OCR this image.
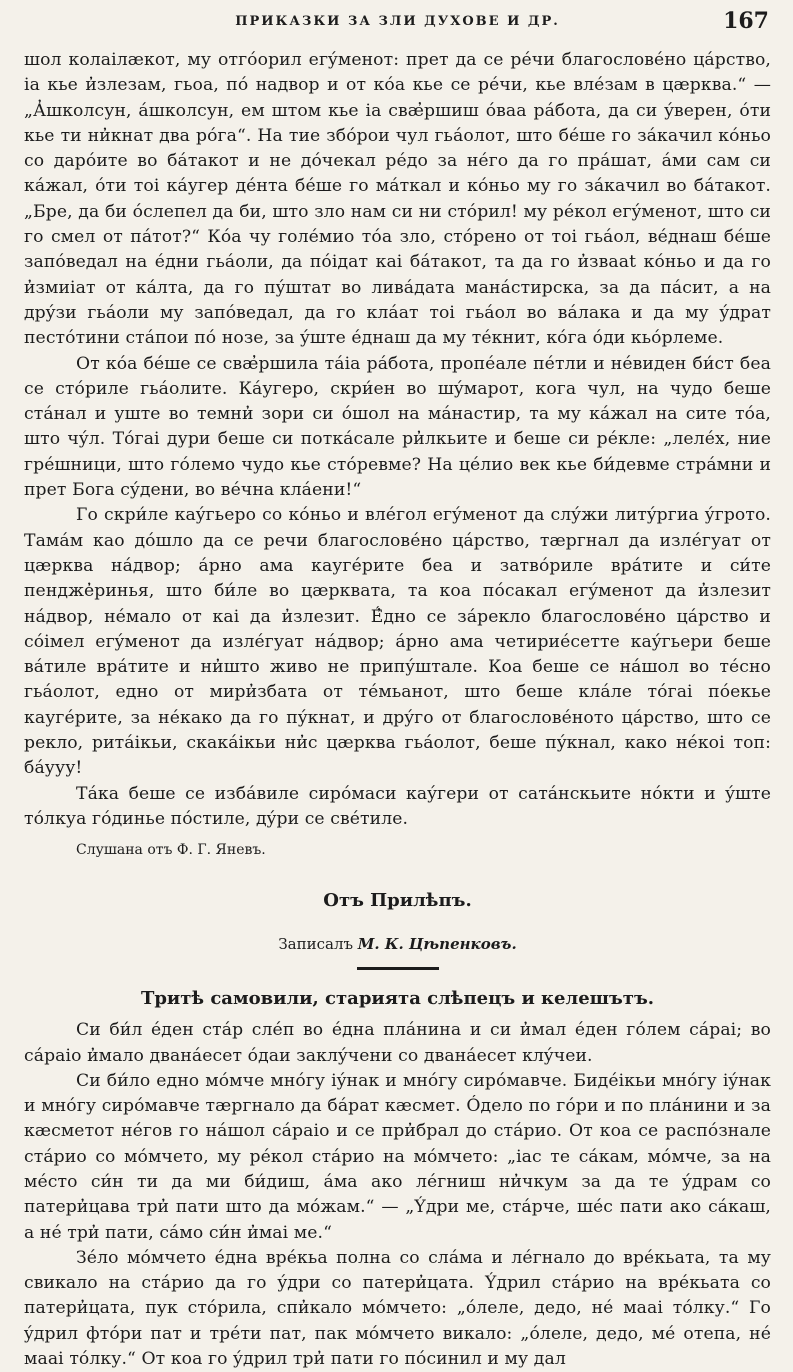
ПРИКАЗКИ ЗА ЗЛИ ДУХОВЕ И ДР.	167

шол колаiлӕкот, му отгóорил егýменот: прет да се рéчи благословéно цáрство, iа кье и̓злезам, гьоа, пó надвор и от кóа кье се рéчи, кье влéзам в цӕрква.“ — „А̓школсун, áшколсун, ем штом кье iа свӕ̓ршиш óваа рáбота, да си ýверен, óти кье ти ни̓кнат два рóга“. На тие збóрои чул гьáолот, што бéше го зáкачил кóньо со дарóите во бáтакот и не дóчекал рéдо за нéго да го прáшат, áми сам си кáжал, óти тоi кáугер дéнта бéше го мáткал и кóньо му го зáкачил во бáтакот. „Бре, да би óслепел да би, што зло нам си ни стóрил! му рéкол егýменот, што си го смел от пáтот?“ Кóа чу голéмио тóа зло, стóрено от тоi гьáол, вéднаш бéше запóведал на éдни гьáоли, да пóiдат каi бáтакот, та да го и̓звааt кóньо и да го и̓змиiат от кáлта, да го пýштат во ливáдата манáстирска, за да пáсит, а на дрýзи гьáоли му запóведал, да го клáат тоi гьáол во вáлака и да му ýдрат пестóтини стáпои пó нозе, за ýште éднаш да му тéкнит, кóга óди кьóрлеме.

От кóа бéше се свӕ̓ршила тáiа рáбота, пропéале пéтли и нéвиден би́ст беа се стóриле гьáолите. Кáугеро, скри́ен во шýмарот, кога чул, на чудо беше стáнал и уште во темни̓ зори си óшол на мáнастир, та му кáжал на сите тóа, што чýл. Тóгаi дури беше си поткáсале ри̓лкьите и беше си рéкле: „лелéх, ние грéшници, што гóлемо чудо кье стóревме? На цéлио век кье би́девме стрáмни и прет Бога сýдени, во вéчна клáени!“

Го скри́ле каýгьеро со кóньо и влéгол егýменот да слýжи литýргиа ýгрото. Тамáм као дóшло да се речи благословéно цáрство, тӕргнал да излéгуат от цӕрква нáдвор; áрно ама каугéрите беа и затвóриле врáтите и си́те пендже̓ринья, што би́ле во цӕрквата, та коа пóсакал егýменот да и̓злезит нáдвор, нéмало от каi да и̓злезит. É̓дно се зáрекло благословéно цáрство и сóiмел егýменот да излéгуат нáдвор; áрно ама четириéсетте каýгьери беше вáтиле врáтите и ни̓што живо не припýштале. Коа беше се нáшол во тéсно гьáолот, едно от мири̓збата от тéмьанот, што беше клáле тóгаi пóекье каугéрите, за нéкако да го пýкнат, и дрýго от благословéното цáрство, што се рекло, ритáiкьи, скакáiкьи ни̓с цӕрква гьáолот, беше пýкнал, како нéкоi топ: бáууу!

Тáка беше се избáвиле сирóмаси каýгери от сатáнскьите нóкти и ýште тóлкуа гóдинье пóстиле, дýри се свéтиле.

Слушана отъ Ф. Г. Яневъ.
Отъ Прилѣпъ.
Записалъ М. К. Цѣпенковъ.
Тритѣ самовили, старията слѣпецъ и келешътъ.

Си би́л éден стáр слéп во éдна плáнина и си и̓мал éден гóлем сáраi; во сáраiо и̓мало дванáесет óдаи заклýчени со дванáесет клýчеи.

Си би́ло едно мóмче мнóгу iýнак и мнóгу сирóмавче. Бидéiкьи мнóгу iýнак и мнóгу сирóмавче тӕргнало да бáрат кӕсмет. Óдело по гóри и по плáнини и за кӕсметот нéгов го нáшол сáраiо и се при̓брал до стáрио. От коа се распóзнале стáрио со мóмчето, му рéкол стáрио на мóмчето: „iас те сáкам, мóмче, за на мéсто си́н ти да ми би́диш, áма ако лéгниш ни̓чкум за да те ýдрам со патери̓цава три̓ пати што да мóжам.“ — „Ýдри ме, стáрче, шéс пати ако сáкаш, а нé три̓ пати, сáмо си́н и̓маi ме.“

Зéло мóмчето éдна врéкьа полна со слáма и лéгнало до врéкьата, та му свикало на стáрио да го ýдри со патери̓цата. Ýдрил стáрио на врéкьата со патери̓цата, пук стóрила, спи̓кало мóмчето: „óлеле, дедо, нé маai тóлку.“ Го ýдрил фтóри пат и трéти пат, пак мóмчето викало: „óлеле, дедо, мé отепа, нé маai тóлку.“ От коа го ýдрил три̓ пати го пóсинил и му дал
